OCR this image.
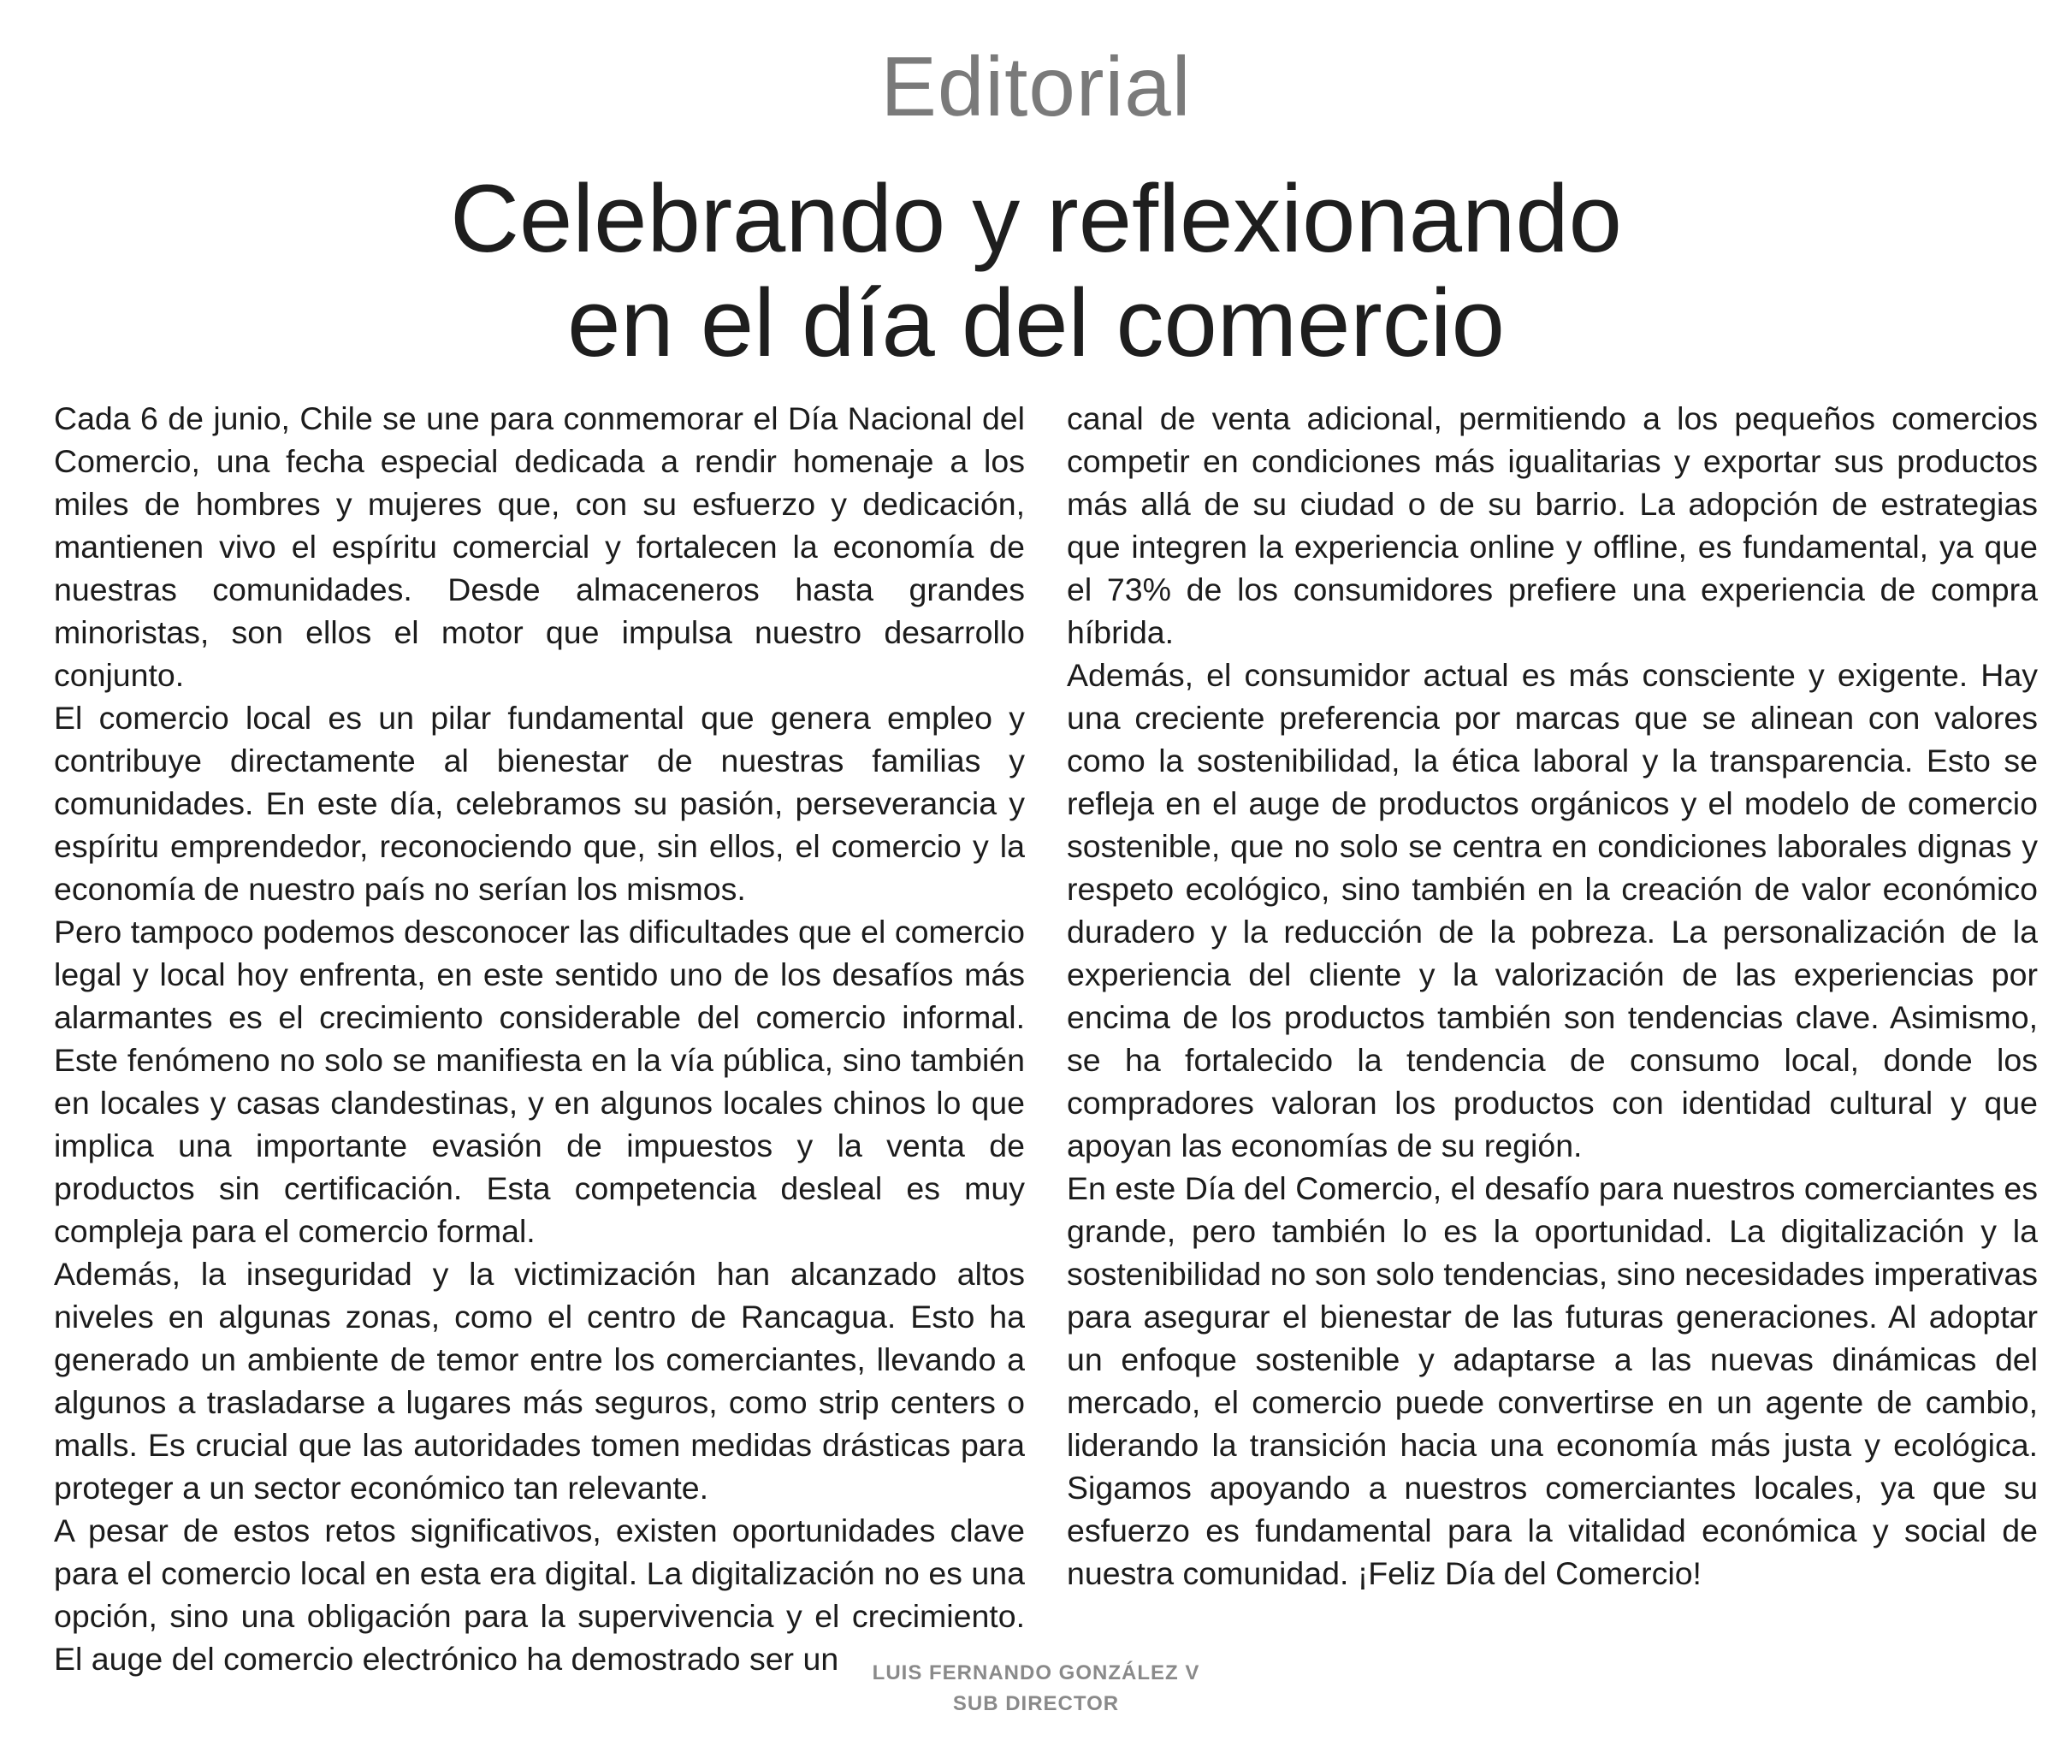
Editorial
Celebrando y reflexionando
en el día del comercio

Cada 6 de junio, Chile se une para conmemorar el Día Nacional del Comercio, una fecha especial dedicada a rendir homenaje a los miles de hombres y mujeres que, con su esfuerzo y dedicación, mantienen vivo el espíritu comercial y fortalecen la economía de nuestras comunidades. Desde almaceneros hasta grandes minoristas, son ellos el motor que impulsa nuestro desarrollo conjunto.

El comercio local es un pilar fundamental que genera empleo y contribuye directamente al bienestar de nuestras familias y comunidades. En este día, celebramos su pasión, perseverancia y espíritu emprendedor, reconociendo que, sin ellos, el comercio y la economía de nuestro país no serían los mismos.

Pero tampoco podemos desconocer las dificultades que el comercio legal y local hoy enfrenta, en este sentido uno de los desafíos más alarmantes es el crecimiento considerable del comercio informal. Este fenómeno no solo se manifiesta en la vía pública, sino también en locales y casas clandestinas, y en algunos locales chinos lo que implica una importante evasión de impuestos y la venta de productos sin certificación. Esta competencia desleal es muy compleja para el comercio formal.

Además, la inseguridad y la victimización han alcanzado altos niveles en algunas zonas, como el centro de Rancagua. Esto ha generado un ambiente de temor entre los comerciantes, llevando a algunos a trasladarse a lugares más seguros, como strip centers o malls. Es crucial que las autoridades tomen medidas drásticas para proteger a un sector económico tan relevante.

A pesar de estos retos significativos, existen oportunidades clave para el comercio local en esta era digital. La digitalización no es una opción, sino una obligación para la supervivencia y el crecimiento. El auge del comercio electrónico ha demostrado ser un

canal de venta adicional, permitiendo a los pequeños comercios competir en condiciones más igualitarias y exportar sus productos más allá de su ciudad o de su barrio. La adopción de estrategias que integren la experiencia online y offline, es fundamental, ya que el 73% de los consumidores prefiere una experiencia de compra híbrida.

Además, el consumidor actual es más consciente y exigente. Hay una creciente preferencia por marcas que se alinean con valores como la sostenibilidad, la ética laboral y la transparencia. Esto se refleja en el auge de productos orgánicos y el modelo de comercio sostenible, que no solo se centra en condiciones laborales dignas y respeto ecológico, sino también en la creación de valor económico duradero y la reducción de la pobreza. La personalización de la experiencia del cliente y la valorización de las experiencias por encima de los productos también son tendencias clave. Asimismo, se ha fortalecido la tendencia de consumo local, donde los compradores valoran los productos con identidad cultural y que apoyan las economías de su región.

En este Día del Comercio, el desafío para nuestros comerciantes es grande, pero también lo es la oportunidad. La digitalización y la sostenibilidad no son solo tendencias, sino necesidades imperativas para asegurar el bienestar de las futuras generaciones. Al adoptar un enfoque sostenible y adaptarse a las nuevas dinámicas del mercado, el comercio puede convertirse en un agente de cambio, liderando la transición hacia una economía más justa y ecológica. Sigamos apoyando a nuestros comerciantes locales, ya que su esfuerzo es fundamental para la vitalidad económica y social de nuestra comunidad. ¡Feliz Día del Comercio!

LUIS FERNANDO GONZÁLEZ V
SUB DIRECTOR
